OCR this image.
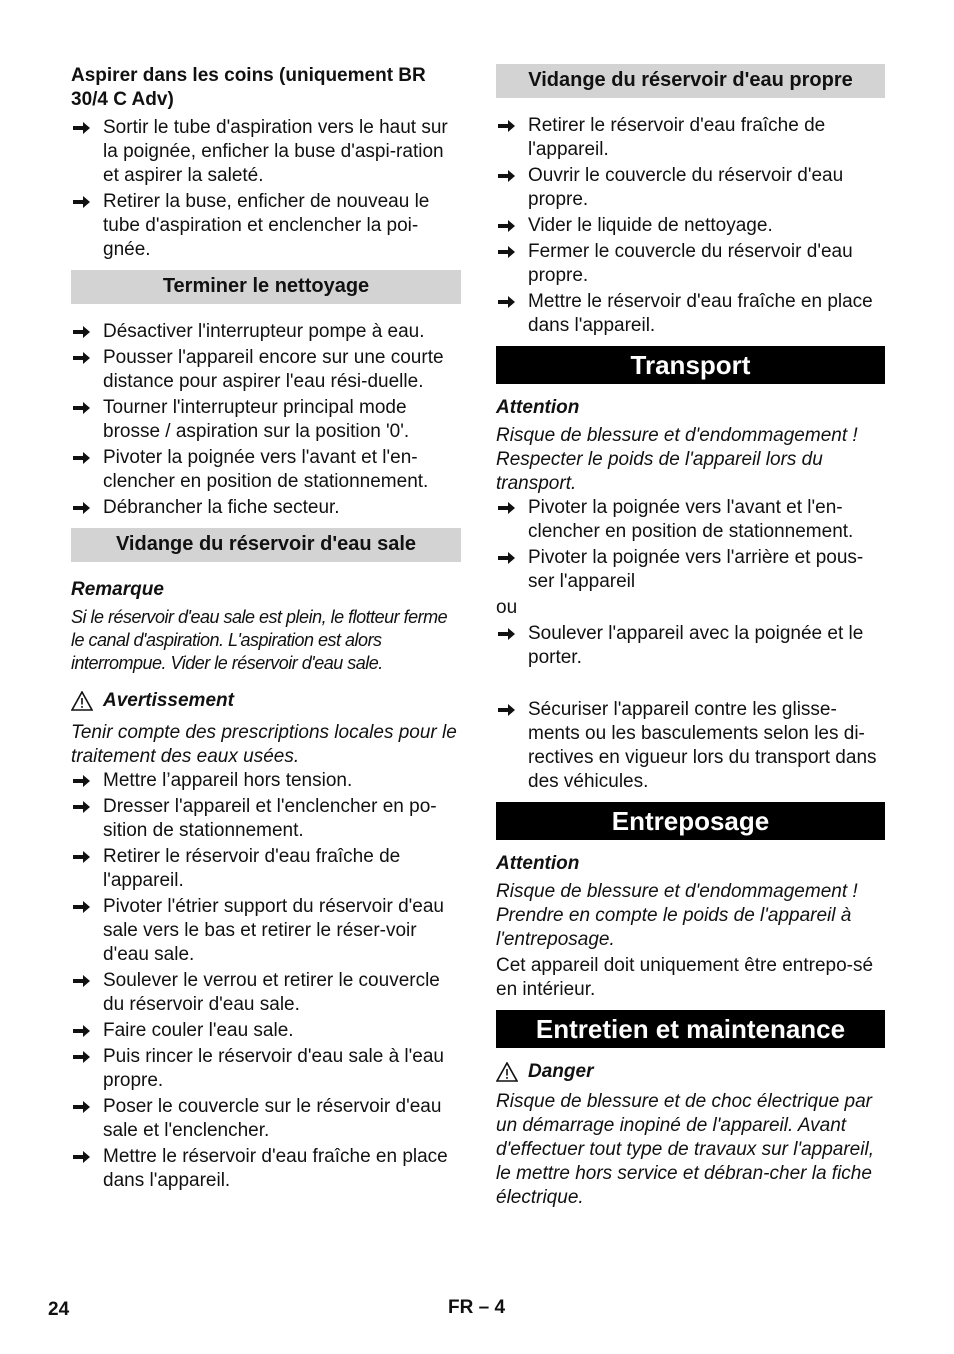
Aspirer dans les coins (uniquement BR 30/4 C Adv)
Sortir le tube d'aspiration vers le haut sur la poignée, enficher la buse d'aspi-ration et aspirer la saleté.
Retirer la buse, enficher de nouveau le tube d'aspiration et enclencher la poi-gnée.
Terminer le nettoyage
Désactiver l'interrupteur pompe à eau.
Pousser l'appareil encore sur une courte distance pour aspirer l'eau rési-duelle.
Tourner l'interrupteur principal mode brosse / aspiration sur la position '0'.
Pivoter la poignée vers l'avant et l'en-clencher en position de stationnement.
Débrancher la fiche secteur.
Vidange du réservoir d'eau sale
Remarque
Si le réservoir d'eau sale est plein, le flotteur ferme le canal d'aspiration. L'aspiration est alors interrompue. Vider le réservoir d'eau sale.
Avertissement
Tenir compte des prescriptions locales pour le traitement des eaux usées.
Mettre l’appareil hors tension.
Dresser l'appareil et l'enclencher en po-sition de stationnement.
Retirer le réservoir d'eau fraîche de l'appareil.
Pivoter l'étrier support du réservoir d'eau sale vers le bas et retirer le réser-voir d'eau sale.
Soulever le verrou et retirer le couvercle du réservoir d'eau sale.
Faire couler l'eau sale.
Puis rincer le réservoir d'eau sale à l'eau propre.
Poser le couvercle sur le réservoir d'eau sale et l'enclencher.
Mettre le réservoir d'eau fraîche en place dans l'appareil.
Vidange du réservoir d'eau propre
Retirer le réservoir d'eau fraîche de l'appareil.
Ouvrir le couvercle du réservoir d'eau propre.
Vider le liquide de nettoyage.
Fermer le couvercle du réservoir d'eau propre.
Mettre le réservoir d'eau fraîche en place dans l'appareil.
Transport
Attention
Risque de blessure et d'endommagement ! Respecter le poids de l'appareil lors du transport.
Pivoter la poignée vers l'avant et l'en-clencher en position de stationnement.
Pivoter la poignée vers l'arrière et pous-ser l'appareil
ou
Soulever l'appareil avec la poignée et le porter.
Sécuriser l'appareil contre les glisse-ments ou les basculements selon les di-rectives en vigueur lors du transport dans des véhicules.
Entreposage
Attention
Risque de blessure et d'endommagement ! Prendre en compte le poids de l'appareil à l'entreposage.
Cet appareil doit uniquement être entrepo-sé en intérieur.
Entretien et maintenance
Danger
Risque de blessure et de choc électrique par un démarrage inopiné de l'appareil. Avant d'effectuer tout type de travaux sur l'appareil, le mettre hors service et débran-cher la fiche électrique.
24	FR – 4
